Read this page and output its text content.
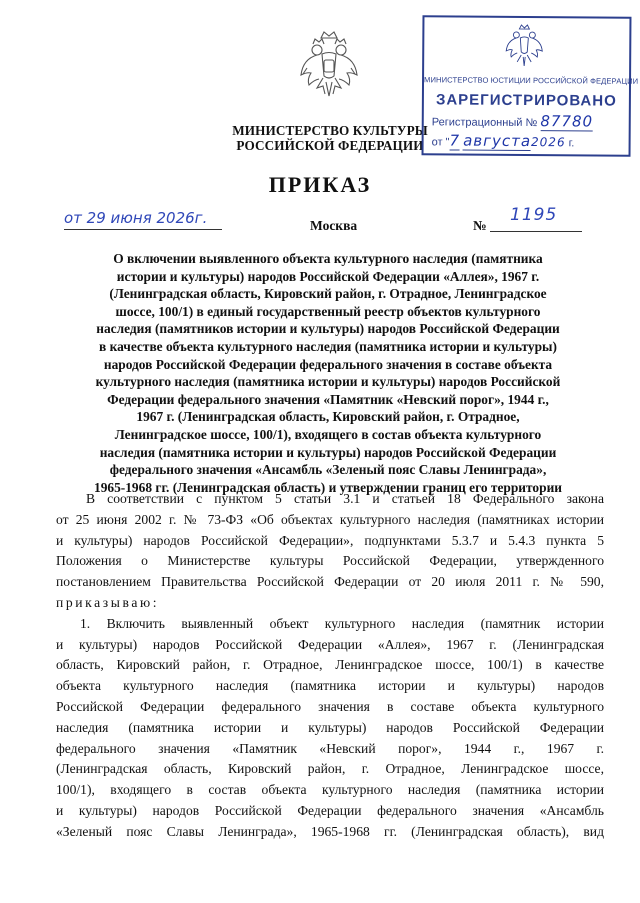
МИНИСТЕРСТВО КУЛЬТУРЫ
РОССИЙСКОЙ ФЕДЕРАЦИИ
МИНИСТЕРСТВО ЮСТИЦИИ РОССИЙСКОЙ ФЕДЕРАЦИИ
ЗАРЕГИСТРИРОВАНО
Регистрационный № 87780
от "7 августа2026 г.
ПРИКАЗ
от 29 июня 2026г.	Москва	№
1195
О включении выявленного объекта культурного наследия (памятника
истории и культуры) народов Российской Федерации «Аллея», 1967 г.
(Ленинградская область, Кировский район, г. Отрадное, Ленинградское
шоссе, 100/1) в единый государственный реестр объектов культурного
наследия (памятников истории и культуры) народов Российской Федерации
в качестве объекта культурного наследия (памятника истории и культуры)
народов Российской Федерации федерального значения в составе объекта
культурного наследия (памятника истории и культуры) народов Российской
Федерации федерального значения «Памятник «Невский порог», 1944 г.,
1967 г. (Ленинградская область, Кировский район, г. Отрадное,
Ленинградское шоссе, 100/1), входящего в состав объекта культурного
наследия (памятника истории и культуры) народов Российской Федерации
федерального значения «Ансамбль «Зеленый пояс Славы Ленинграда»,
1965-1968 гг. (Ленинградская область) и утверждении границ его территории
В соответствии с пунктом 5 статьи 3.1 и статьей 18 Федерального закона
от 25 июня 2002 г. № 73-ФЗ «Об объектах культурного наследия (памятниках истории
и культуры) народов Российской Федерации», подпунктами 5.3.7 и 5.4.3 пункта 5
Положения о Министерстве культуры Российской Федерации, утвержденного
постановлением Правительства Российской Федерации от 20 июля 2011 г. № 590,
приказываю:
1. Включить выявленный объект культурного наследия (памятник истории
и культуры) народов Российской Федерации «Аллея», 1967 г. (Ленинградская
область, Кировский район, г. Отрадное, Ленинградское шоссе, 100/1) в качестве
объекта культурного наследия (памятника истории и культуры) народов
Российской Федерации федерального значения в составе объекта культурного
наследия (памятника истории и культуры) народов Российской Федерации
федерального значения «Памятник «Невский порог», 1944 г., 1967 г.
(Ленинградская область, Кировский район, г. Отрадное, Ленинградское шоссе,
100/1), входящего в состав объекта культурного наследия (памятника истории
и культуры) народов Российской Федерации федерального значения «Ансамбль
«Зеленый пояс Славы Ленинграда», 1965-1968 гг. (Ленинградская область), вид
